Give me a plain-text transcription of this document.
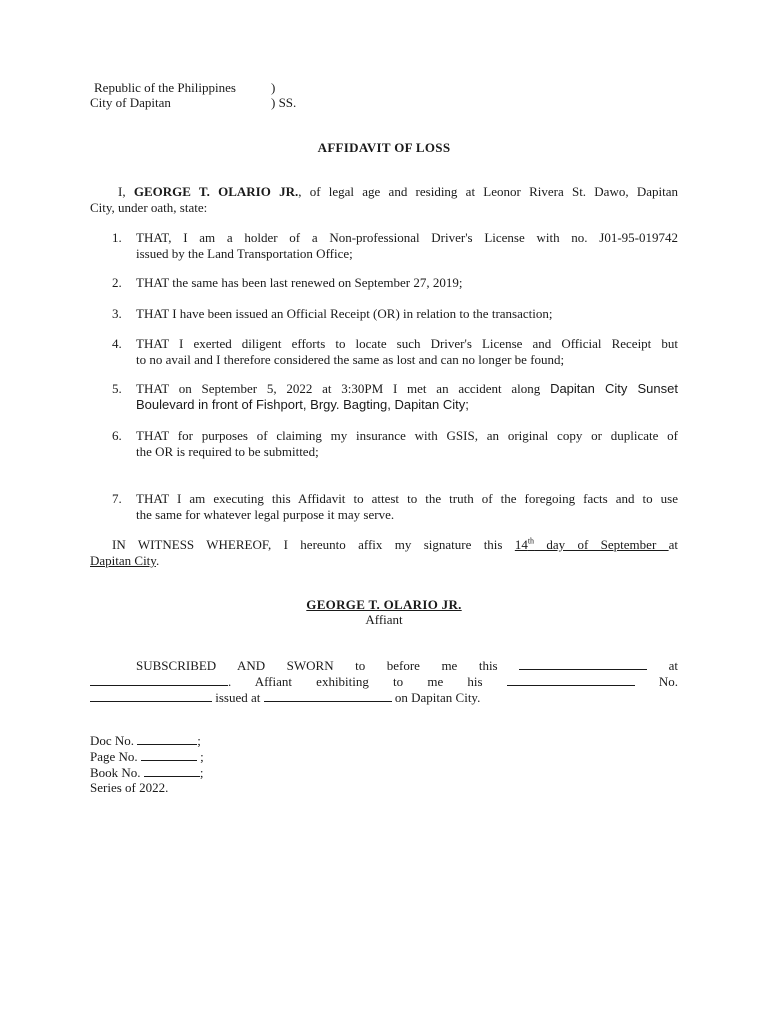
Republic of the Philippines	)
City of Dapitan	) SS.
AFFIDAVIT OF LOSS
I, GEORGE T. OLARIO JR., of legal age and residing at Leonor Rivera St. Dawo, Dapitan
City, under oath, state:
1.	THAT, I am a holder of a Non-professional Driver's License with no. J01-95-019742
issued by the Land Transportation Office;
2.	THAT the same has been last renewed on September 27, 2019;
3.	THAT I have been issued an Official Receipt (OR) in relation to the transaction;
4.	THAT I exerted diligent efforts to locate such Driver's License and Official Receipt but
to no avail and I therefore considered the same as lost and can no longer be found;
5.	THAT on September 5, 2022 at 3:30PM I met an accident along Dapitan City Sunset
Boulevard in front of Fishport, Brgy. Bagting, Dapitan City;
6.	THAT for purposes of claiming my insurance with GSIS, an original copy or duplicate of
the OR is required to be submitted;
7.	THAT I am executing this Affidavit to attest to the truth of the foregoing facts and to use
the same for whatever legal purpose it may serve.
IN WITNESS WHEREOF, I hereunto affix my signature this 14th day of September at
Dapitan City.
GEORGE T. OLARIO JR.
Affiant
SUBSCRIBED AND SWORN to before me this	at
. Affiant exhibiting to me his	No.
issued at	on Dapitan City.
Doc No.	;
Page No.	;
Book No.	;
Series of 2022.
